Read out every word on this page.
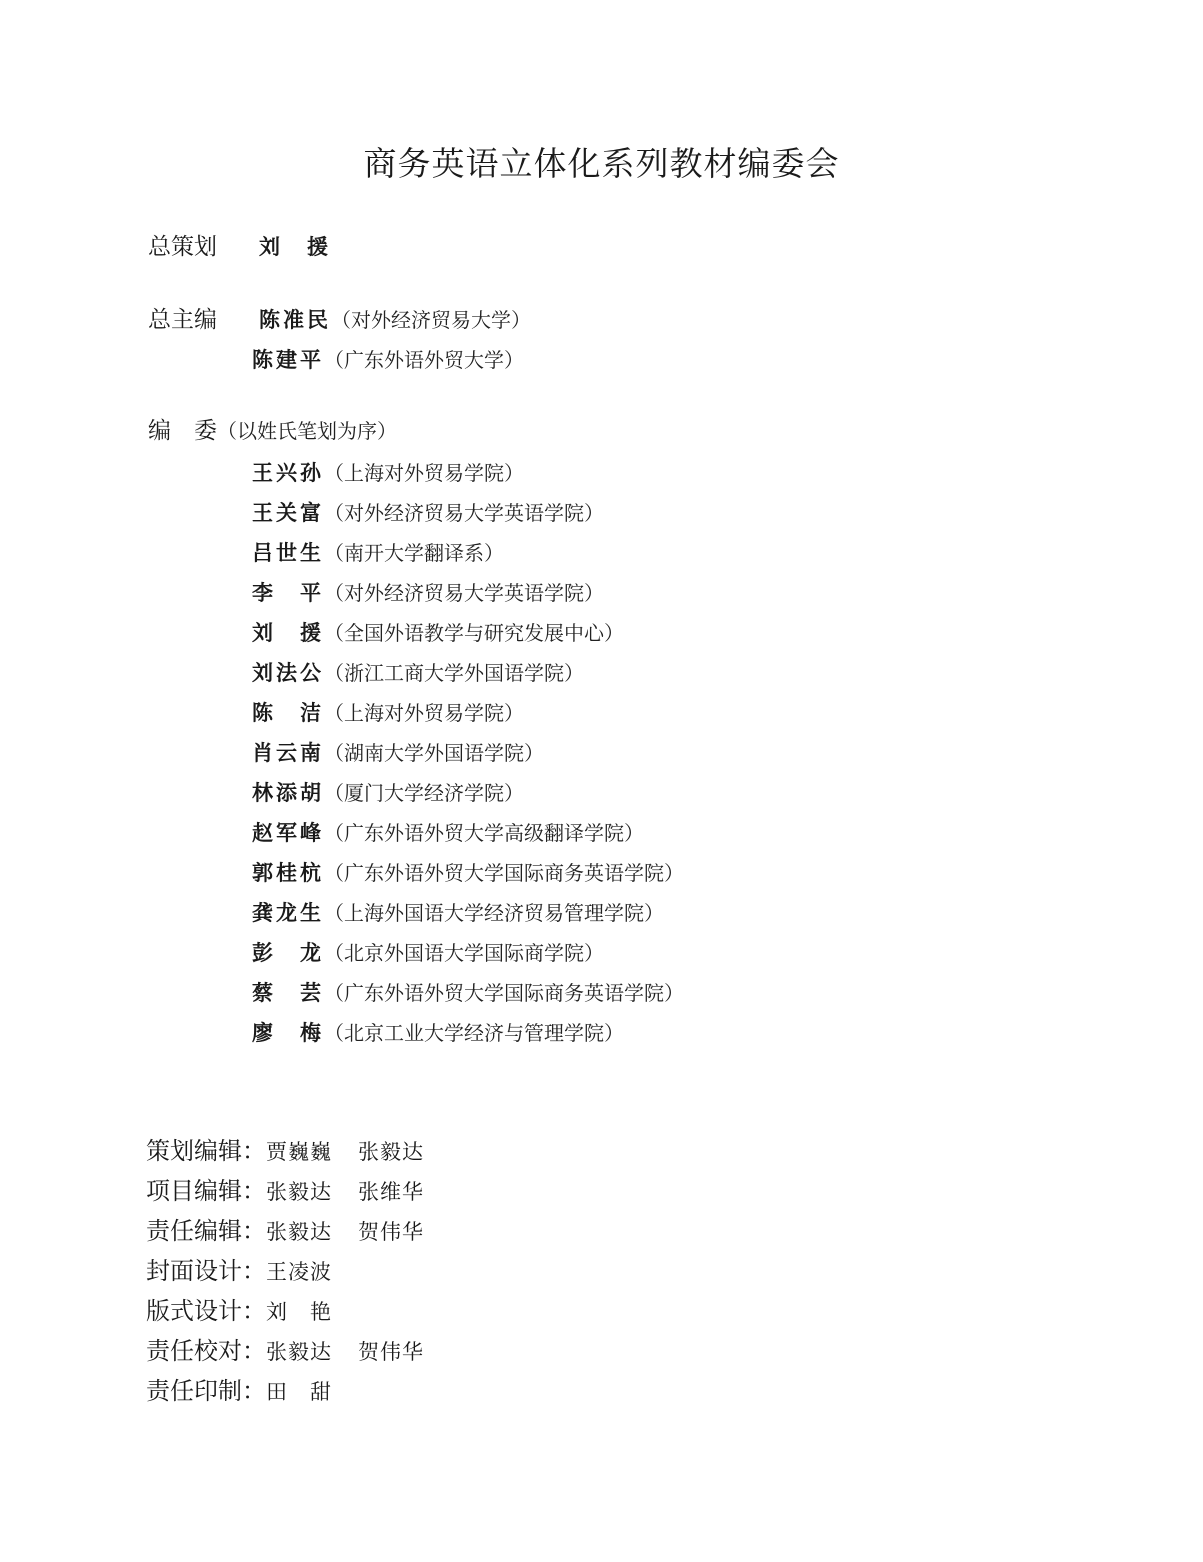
商务英语立体化系列教材编委会
总策划 刘　援
总主编 陈准民（对外经济贸易大学）
陈建平（广东外语外贸大学）
编　委（以姓氏笔划为序）
王兴孙（上海对外贸易学院）
王关富（对外经济贸易大学英语学院）
吕世生（南开大学翻译系）
李　平（对外经济贸易大学英语学院）
刘　援（全国外语教学与研究发展中心）
刘法公（浙江工商大学外国语学院）
陈　洁（上海对外贸易学院）
肖云南（湖南大学外国语学院）
林添胡（厦门大学经济学院）
赵军峰（广东外语外贸大学高级翻译学院）
郭桂杭（广东外语外贸大学国际商务英语学院）
龚龙生（上海外国语大学经济贸易管理学院）
彭　龙（北京外国语大学国际商学院）
蔡　芸（广东外语外贸大学国际商务英语学院）
廖　梅（北京工业大学经济与管理学院）
策划编辑：贾巍巍 张毅达
项目编辑：张毅达 张维华
责任编辑：张毅达 贺伟华
封面设计：王凌波
版式设计：刘　艳
责任校对：张毅达 贺伟华
责任印制：田　甜
